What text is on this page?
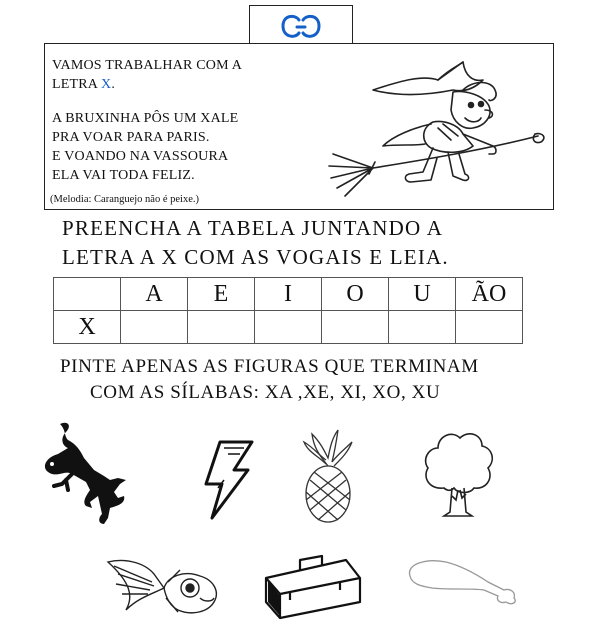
VAMOS TRABALHAR COM A
LETRA X.
A BRUXINHA PÔS UM XALE
PRA VOAR PARA PARIS.
E VOANDO NA VASSOURA
ELA VAI TODA FELIZ.
(Melodia: Caranguejo não é peixe.)
PREENCHA A TABELA JUNTANDO A
LETRA A X COM AS VOGAIS E LEIA.
	A	E	I	O	U	ÃO
X						
PINTE APENAS AS FIGURAS QUE TERMINAM
COM AS SÍLABAS: XA ,XE, XI, XO, XU
